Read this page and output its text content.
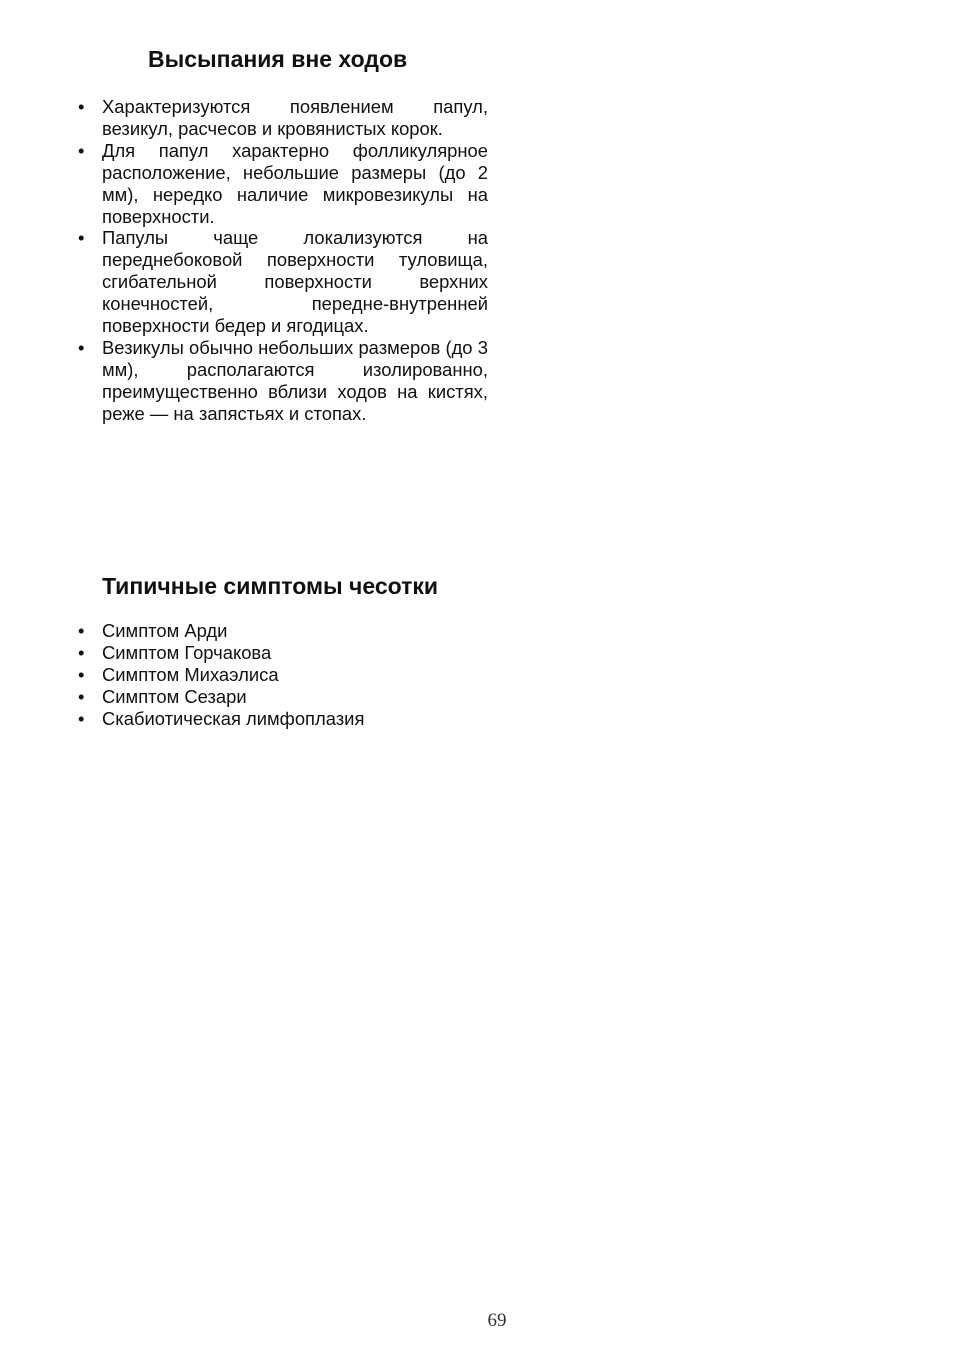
Высыпания вне ходов
• Характеризуются появлением папул, везикул, расчесов и кровянистых корок.
• Для папул характерно фолликулярное расположение, небольшие размеры (до 2 мм), нередко наличие микровезикулы на поверхности.
• Папулы чаще локализуются на переднебоковой поверхности туловища, сгибательной поверхности верхних конечностей, передне-внутренней поверхности бедер и ягодицах.
• Везикулы обычно небольших размеров (до 3 мм), располагаются изолированно, преимущественно вблизи ходов на кистях, реже — на запястьях и стопах.
Типичные симптомы чесотки
• Симптом Арди
• Симптом Горчакова
• Симптом Михаэлиса
• Симптом Сезари
• Скабиотическая лимфоплазия
69
